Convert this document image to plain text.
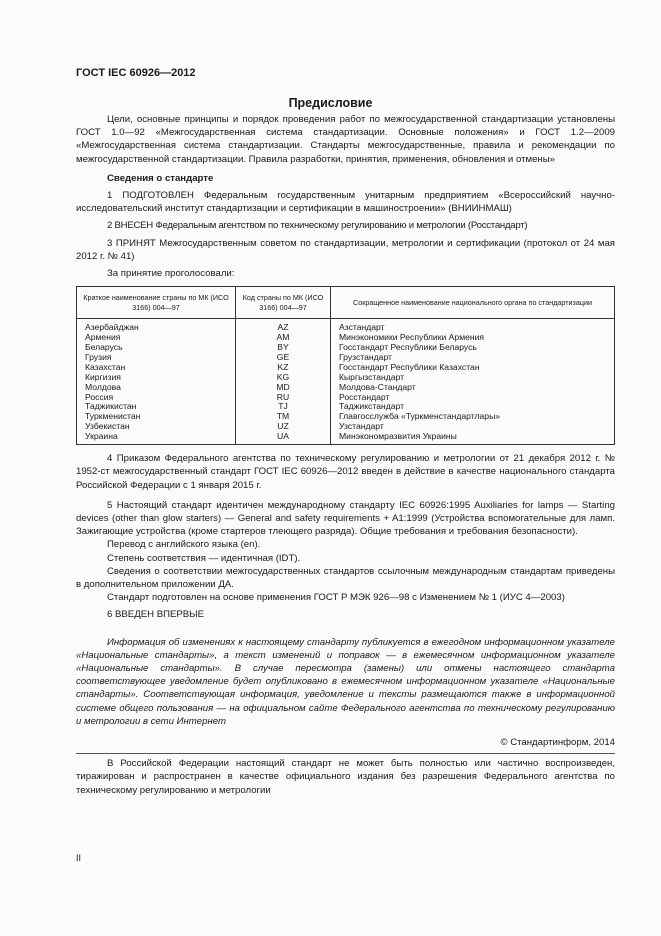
ГОСТ IEC 60926—2012
Предисловие

Цели, основные принципы и порядок проведения работ по межгосударственной стандартизации установлены ГОСТ 1.0—92 «Межгосударственная система стандартизации. Основные положения» и ГОСТ 1.2—2009 «Межгосударственная система стандартизации. Стандарты межгосударственные, правила и рекомендации по межгосударственной стандартизации. Правила разработки, принятия, применения, обновления и отмены»

Сведения о стандарте

1 ПОДГОТОВЛЕН Федеральным государственным унитарным предприятием «Всероссийский научно-исследовательский институт стандартизации и сертификации в машиностроении» (ВНИИНМАШ)

2 ВНЕСЕН Федеральным агентством по техническому регулированию и метрологии (Росстандарт)

3 ПРИНЯТ Межгосударственным советом по стандартизации, метрологии и сертификации (протокол от 24 мая 2012 г. № 41)

За принятие проголосовали:

Краткое наименование страны по МК (ИСО 3166) 004—97	Код страны по МК (ИСО 3166) 004—97	Сокращенное наименование национального органа по стандартизации
Азербайджан	AZ	Азстандарт
Армения	AM	Минэкономики Республики Армения
Беларусь	BY	Госстандарт Республики Беларусь
Грузия	GE	Грузстандарт
Казахстан	KZ	Госстандарт Республики Казахстан
Киргизия	KG	Кыргызстандарт
Молдова	MD	Молдова-Стандарт
Россия	RU	Росстандарт
Таджикистан	TJ	Таджикстандарт
Туркменистан	TM	Главгосслужба «Туркменстандартлары»
Узбекистан	UZ	Узстандарт
Украина	UA	Минэкономразвития Украины

4 Приказом Федерального агентства по техническому регулированию и метрологии от 21 декабря 2012 г. № 1952-ст межгосударственный стандарт ГОСТ IEC 60926—2012 введен в действие в качестве национального стандарта Российской Федерации с 1 января 2015 г.

5 Настоящий стандарт идентичен международному стандарту IEC 60926:1995 Auxiliaries for lamps — Starting devices (other than glow starters) — General and safety requirements + A1:1999 (Устройства вспомогательные для ламп. Зажигающие устройства (кроме стартеров тлеющего разряда). Общие требования и требования безопасности).

Перевод с английского языка (en).

Степень соответствия — идентичная (IDT).

Сведения о соответствии межгосударственных стандартов ссылочным международным стандартам приведены в дополнительном приложении ДА.

Стандарт подготовлен на основе применения ГОСТ Р МЭК 926—98 с Изменением № 1 (ИУС 4—2003)

6 ВВЕДЕН ВПЕРВЫЕ

Информация об изменениях к настоящему стандарту публикуется в ежегодном информационном указателе «Национальные стандарты», а текст изменений и поправок — в ежемесячном информационном указателе «Национальные стандарты». В случае пересмотра (замены) или отмены настоящего стандарта соответствующее уведомление будет опубликовано в ежемесячном информационном указателе «Национальные стандарты». Соответствующая информация, уведомление и тексты размещаются также в информационной системе общего пользования — на официальном сайте Федерального агентства по техническому регулированию и метрологии в сети Интернет

© Стандартинформ, 2014

В Российской Федерации настоящий стандарт не может быть полностью или частично воспроизведен, тиражирован и распространен в качестве официального издания без разрешения Федерального агентства по техническому регулированию и метрологии

II
